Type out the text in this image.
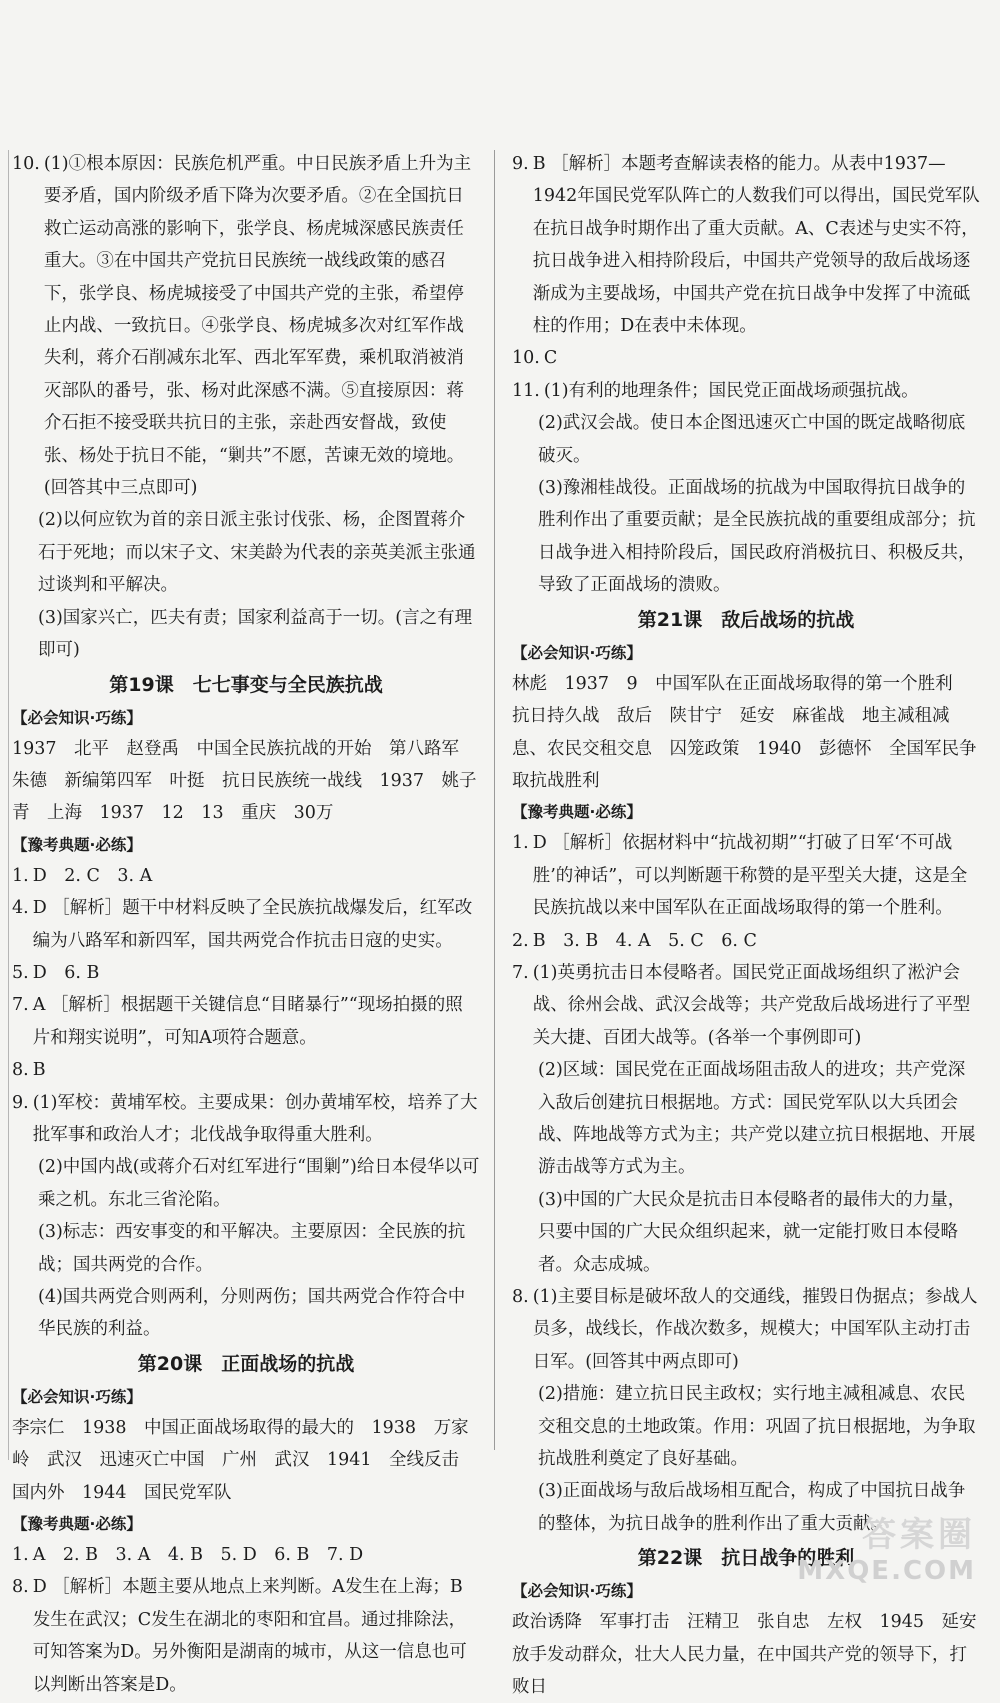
10. (1)①根本原因：民族危机严重。中日民族矛盾上升为主要矛盾，国内阶级矛盾下降为次要矛盾。②在全国抗日救亡运动高涨的影响下，张学良、杨虎城深感民族责任重大。③在中国共产党抗日民族统一战线政策的感召下，张学良、杨虎城接受了中国共产党的主张，希望停止内战、一致抗日。④张学良、杨虎城多次对红军作战失利，蒋介石削减东北军、西北军军费，乘机取消被消灭部队的番号，张、杨对此深感不满。⑤直接原因：蒋介石拒不接受联共抗日的主张，亲赴西安督战，致使张、杨处于抗日不能，“剿共”不愿，苦谏无效的境地。(回答其中三点即可)
(2)以何应钦为首的亲日派主张讨伐张、杨，企图置蒋介石于死地；而以宋子文、宋美龄为代表的亲英美派主张通过谈判和平解决。
(3)国家兴亡，匹夫有责；国家利益高于一切。(言之有理即可)
第19课　七七事变与全民族抗战
【必会知识·巧练】
1937　北平　赵登禹　中国全民族抗战的开始　第八路军　朱德　新编第四军　叶挺　抗日民族统一战线　1937　姚子青　上海　1937　12　13　重庆　30万
【豫考典题·必练】
1. D　2. C　3. A
4. D ［解析］题干中材料反映了全民族抗战爆发后，红军改编为八路军和新四军，国共两党合作抗击日寇的史实。
5. D　6. B
7. A ［解析］根据题干关键信息“目睹暴行”“现场拍摄的照片和翔实说明”，可知A项符合题意。
8. B
9. (1)军校：黄埔军校。主要成果：创办黄埔军校，培养了大批军事和政治人才；北伐战争取得重大胜利。
(2)中国内战(或蒋介石对红军进行“围剿”)给日本侵华以可乘之机。东北三省沦陷。
(3)标志：西安事变的和平解决。主要原因：全民族的抗战；国共两党的合作。
(4)国共两党合则两利，分则两伤；国共两党合作符合中华民族的利益。
第20课　正面战场的抗战
【必会知识·巧练】
李宗仁　1938　中国正面战场取得的最大的　1938　万家岭　武汉　迅速灭亡中国　广州　武汉　1941　全线反击　国内外　1944　国民党军队
【豫考典题·必练】
1. A　2. B　3. A　4. B　5. D　6. B　7. D
8. D ［解析］本题主要从地点上来判断。A发生在上海；B发生在武汉；C发生在湖北的枣阳和宜昌。通过排除法，可知答案为D。另外衡阳是湖南的城市，从这一信息也可以判断出答案是D。
9. B ［解析］本题考查解读表格的能力。从表中1937—1942年国民党军队阵亡的人数我们可以得出，国民党军队在抗日战争时期作出了重大贡献。A、C表述与史实不符，抗日战争进入相持阶段后，中国共产党领导的敌后战场逐渐成为主要战场，中国共产党在抗日战争中发挥了中流砥柱的作用；D在表中未体现。
10. C
11. (1)有利的地理条件；国民党正面战场顽强抗战。
(2)武汉会战。使日本企图迅速灭亡中国的既定战略彻底破灭。
(3)豫湘桂战役。正面战场的抗战为中国取得抗日战争的胜利作出了重要贡献；是全民族抗战的重要组成部分；抗日战争进入相持阶段后，国民政府消极抗日、积极反共，导致了正面战场的溃败。
第21课　敌后战场的抗战
【必会知识·巧练】
林彪　1937　9　中国军队在正面战场取得的第一个胜利　抗日持久战　敌后　陕甘宁　延安　麻雀战　地主减租减息、农民交租交息　囚笼政策　1940　彭德怀　全国军民争取抗战胜利
【豫考典题·必练】
1. D ［解析］依据材料中“抗战初期”“打破了日军‘不可战胜’的神话”，可以判断题干称赞的是平型关大捷，这是全民族抗战以来中国军队在正面战场取得的第一个胜利。
2. B　3. B　4. A　5. C　6. C
7. (1)英勇抗击日本侵略者。国民党正面战场组织了淞沪会战、徐州会战、武汉会战等；共产党敌后战场进行了平型关大捷、百团大战等。(各举一个事例即可)
(2)区域：国民党在正面战场阻击敌人的进攻；共产党深入敌后创建抗日根据地。方式：国民党军队以大兵团会战、阵地战等方式为主；共产党以建立抗日根据地、开展游击战等方式为主。
(3)中国的广大民众是抗击日本侵略者的最伟大的力量，只要中国的广大民众组织起来，就一定能打败日本侵略者。众志成城。
8. (1)主要目标是破坏敌人的交通线，摧毁日伪据点；参战人员多，战线长，作战次数多，规模大；中国军队主动打击日军。(回答其中两点即可)
(2)措施：建立抗日民主政权；实行地主减租减息、农民交租交息的土地政策。作用：巩固了抗日根据地，为争取抗战胜利奠定了良好基础。
(3)正面战场与敌后战场相互配合，构成了中国抗日战争的整体，为抗日战争的胜利作出了重大贡献。
第22课　抗日战争的胜利
【必会知识·巧练】
政治诱降　军事打击　汪精卫　张自忠　左权　1945　延安　放手发动群众，壮大人民力量，在中国共产党的领导下，打败日
答案圈
MXQE.COM
